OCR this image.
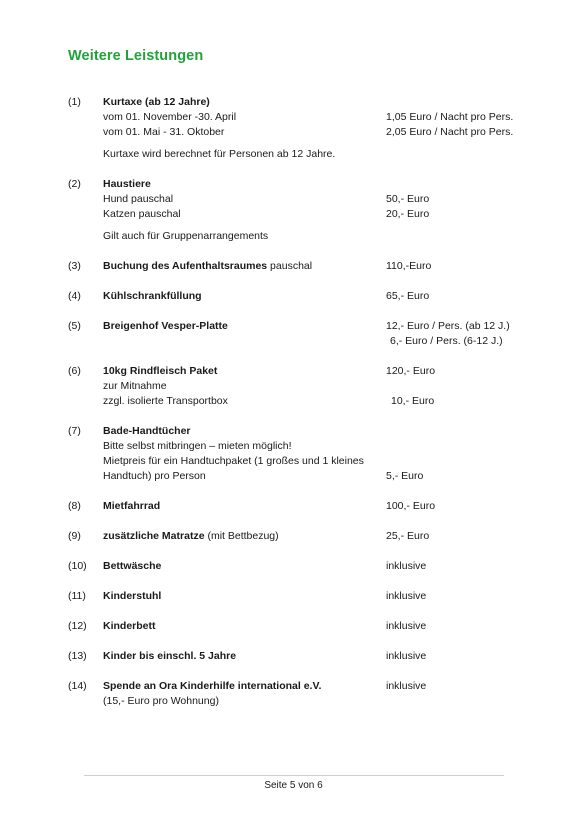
Weitere Leistungen
(1)	Kurtaxe (ab 12 Jahre)
vom 01. November -30. April	1,05 Euro / Nacht pro Pers.
vom 01. Mai - 31. Oktober	2,05 Euro / Nacht pro Pers.
Kurtaxe wird berechnet für Personen ab 12 Jahre.
(2)	Haustiere
Hund pauschal	50,- Euro
Katzen pauschal	20,- Euro
Gilt auch für Gruppenarrangements
(3)	Buchung des Aufenthaltsraumes pauschal	110,-Euro
(4)	Kühlschrankfüllung	65,- Euro
(5)	Breigenhof Vesper-Platte	12,- Euro / Pers. (ab 12 J.)
6,- Euro / Pers. (6-12 J.)
(6)	10kg Rindfleisch Paket	120,- Euro
zur Mitnahme
zzgl. isolierte Transportbox	10,- Euro
(7)	Bade-Handtücher
Bitte selbst mitbringen – mieten möglich!
Mietpreis für ein Handtuchpaket (1 großes und 1 kleines
Handtuch) pro Person	5,- Euro
(8)	Mietfahrrad	100,- Euro
(9)	zusätzliche Matratze (mit Bettbezug)	25,- Euro
(10)	Bettwäsche	inklusive
(11)	Kinderstuhl	inklusive
(12)	Kinderbett	inklusive
(13)	Kinder bis einschl. 5 Jahre	inklusive
(14)	Spende an Ora Kinderhilfe international e.V.	inklusive
(15,- Euro pro Wohnung)
Seite 5 von 6
